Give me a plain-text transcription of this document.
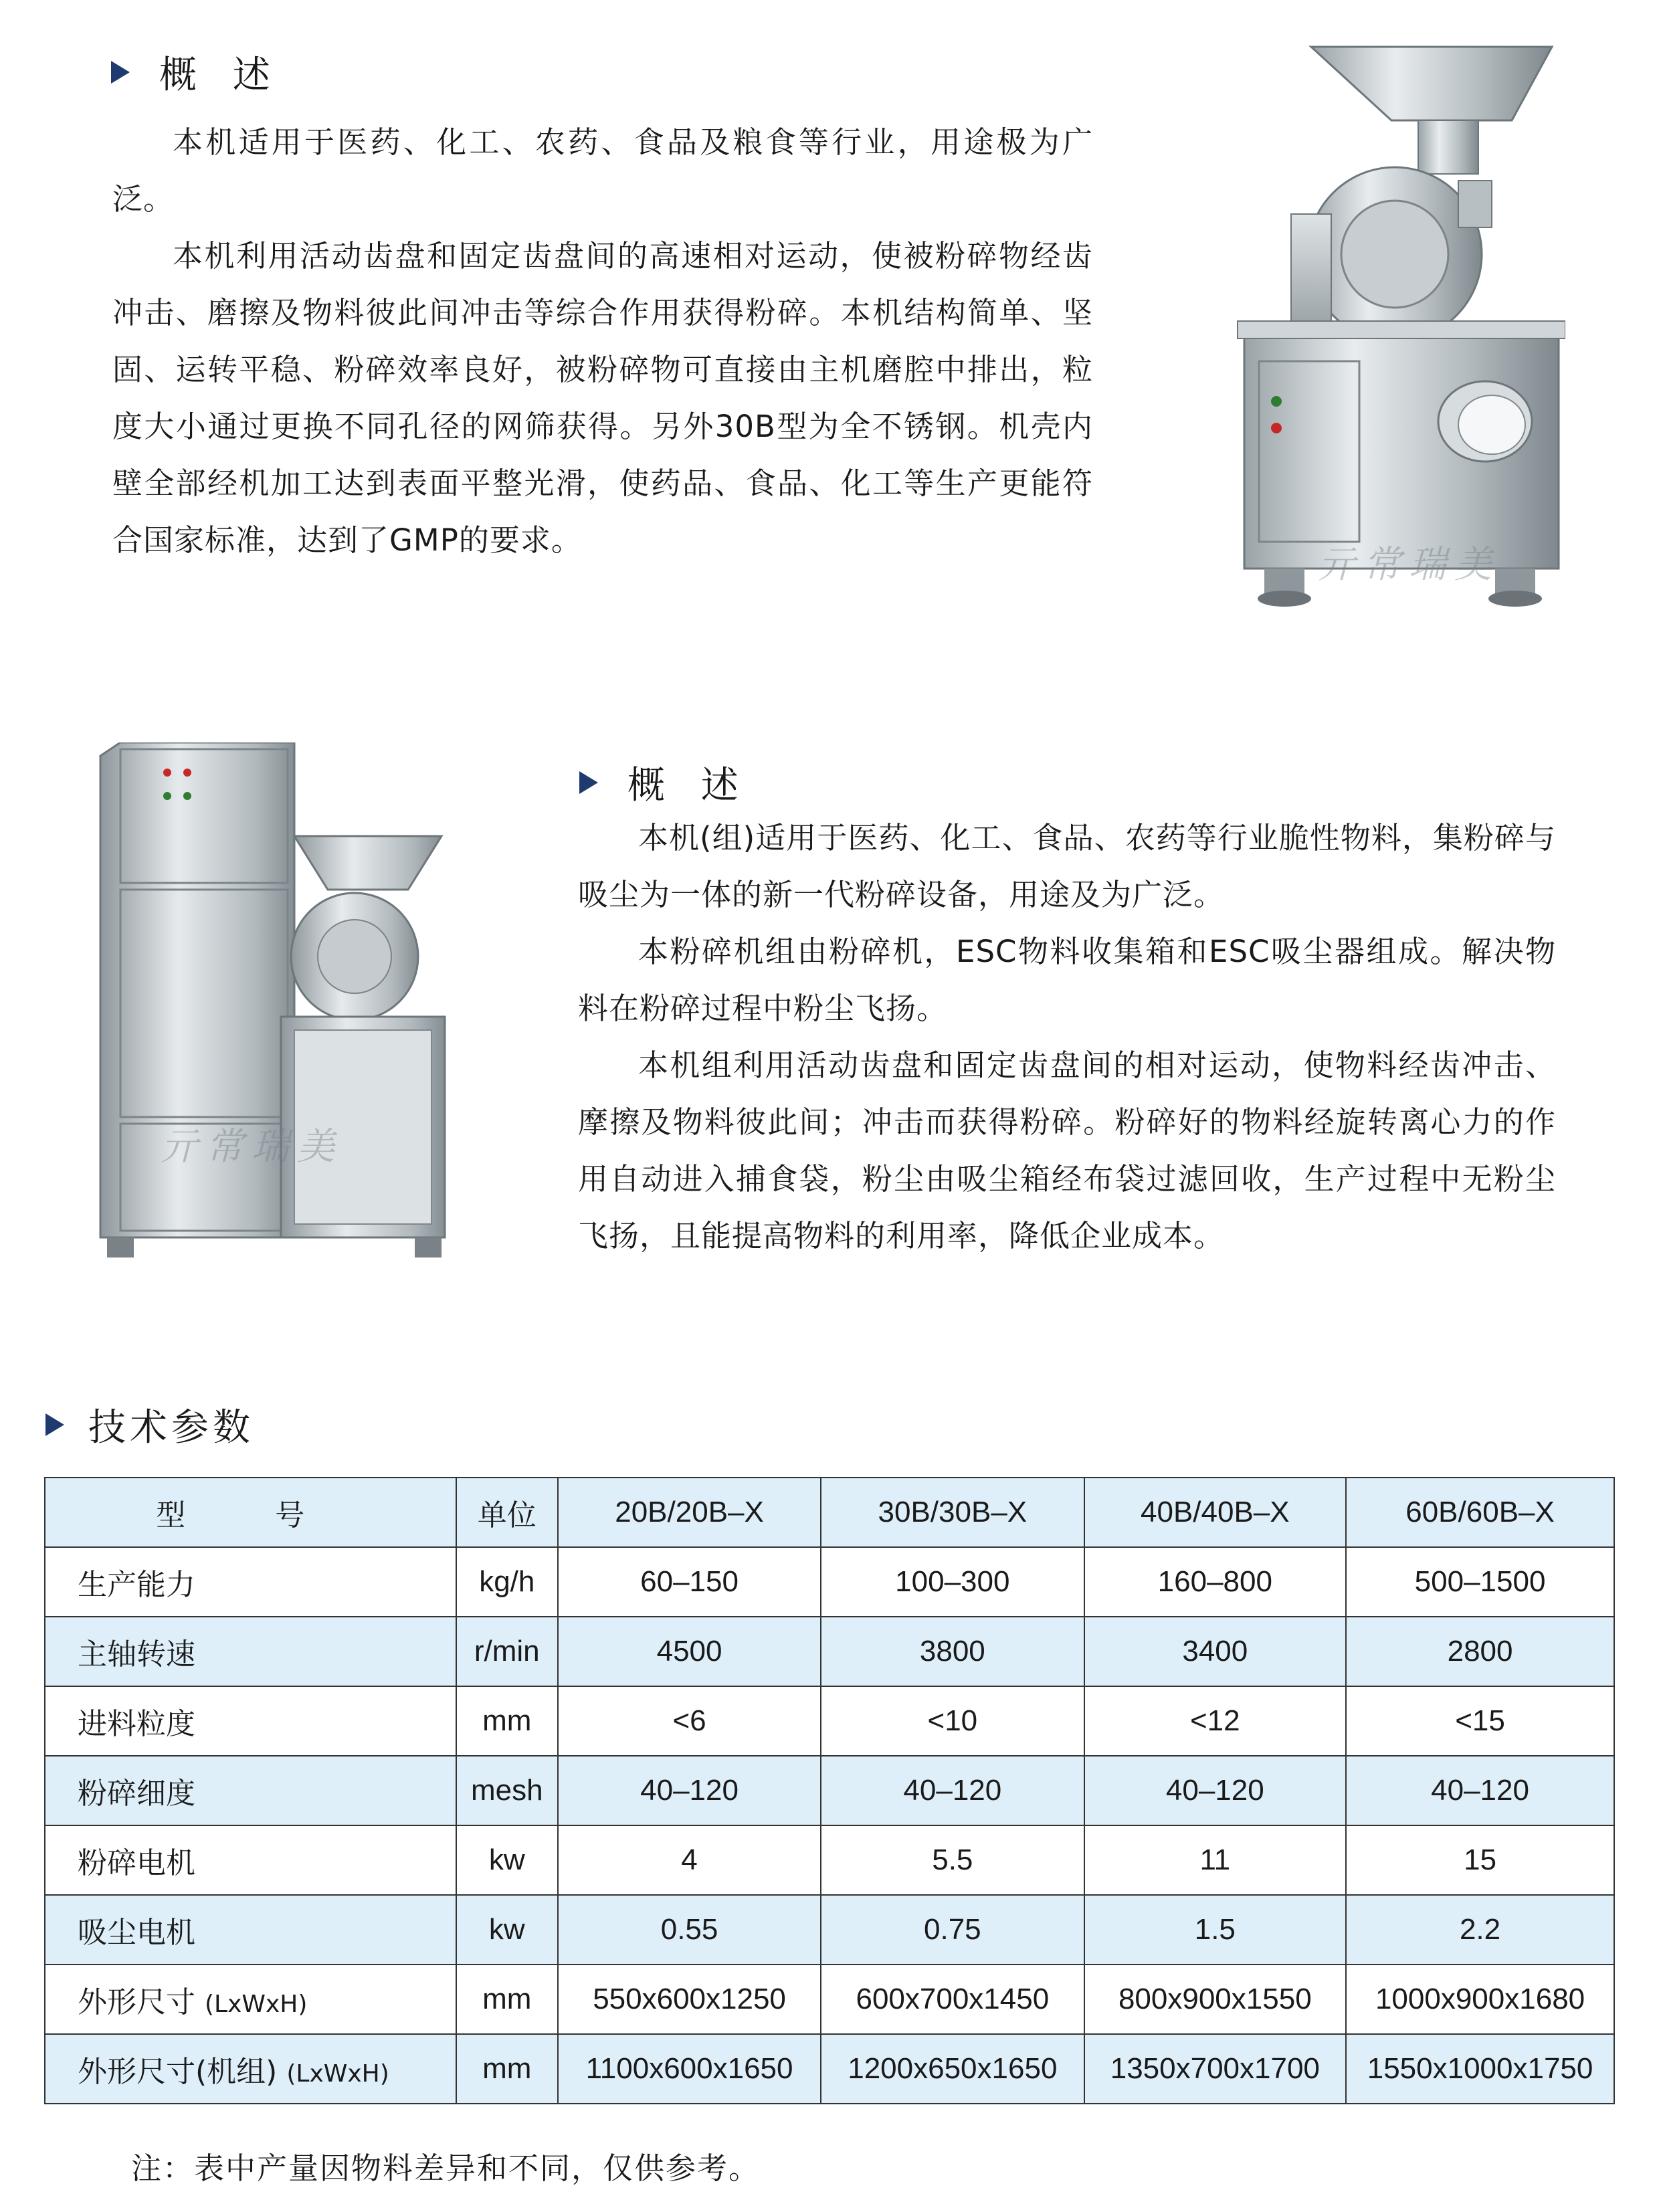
概 述

本机适用于医药、化工、农药、食品及粮食等行业，用途极为广泛。

本机利用活动齿盘和固定齿盘间的高速相对运动，使被粉碎物经齿冲击、磨擦及物料彼此间冲击等综合作用获得粉碎。本机结构简单、坚固、运转平稳、粉碎效率良好，被粉碎物可直接由主机磨腔中排出，粒度大小通过更换不同孔径的网筛获得。另外30B型为全不锈钢。机壳内壁全部经机加工达到表面平整光滑，使药品、食品、化工等生产更能符合国家标准，达到了GMP的要求。

亓常瑞美
亓常瑞美
概 述

本机(组)适用于医药、化工、食品、农药等行业脆性物料，集粉碎与吸尘为一体的新一代粉碎设备，用途及为广泛。

本粉碎机组由粉碎机，ESC物料收集箱和ESC吸尘器组成。解决物料在粉碎过程中粉尘飞扬。

本机组利用活动齿盘和固定齿盘间的相对运动，使物料经齿冲击、摩擦及物料彼此间；冲击而获得粉碎。粉碎好的物料经旋转离心力的作用自动进入捕食袋，粉尘由吸尘箱经布袋过滤回收，生产过程中无粉尘飞扬，且能提高物料的利用率，降低企业成本。

技术参数
型 号	单位	20B/20B–X	30B/30B–X	40B/40B–X	60B/60B–X
生产能力	kg/h	60–150	100–300	160–800	500–1500
主轴转速	r/min	4500	3800	3400	2800
进料粒度	mm	<6	<10	<12	<15
粉碎细度	mesh	40–120	40–120	40–120	40–120
粉碎电机	kw	4	5.5	11	15
吸尘电机	kw	0.55	0.75	1.5	2.2
外形尺寸 (LxWxH)	mm	550x600x1250	600x700x1450	800x900x1550	1000x900x1680
外形尺寸(机组) (LxWxH)	mm	1100x600x1650	1200x650x1650	1350x700x1700	1550x1000x1750
注：表中产量因物料差异和不同，仅供参考。
